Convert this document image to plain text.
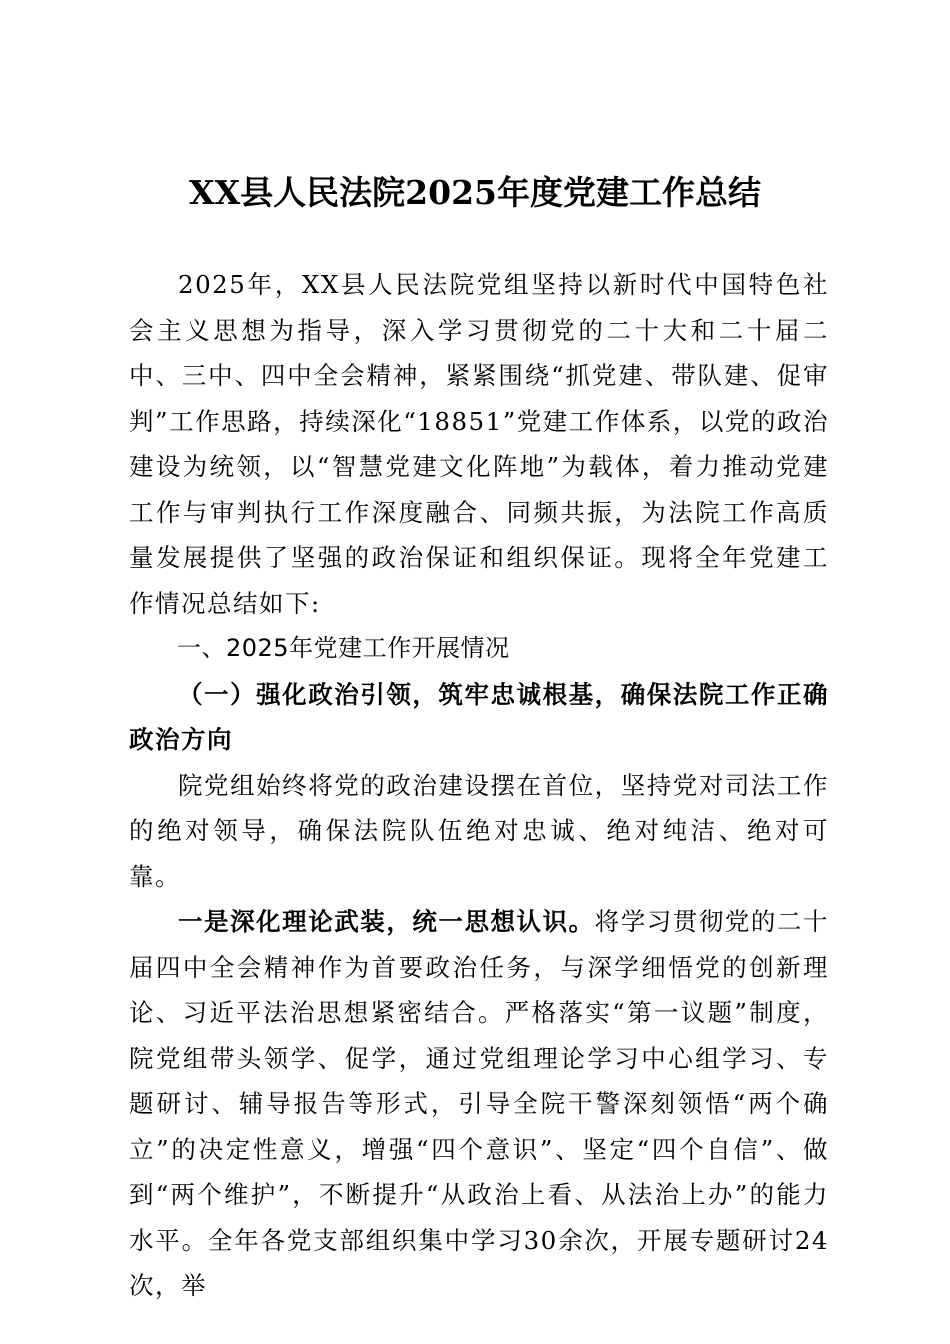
XX县人民法院2025年度党建工作总结

2025年，XX县人民法院党组坚持以新时代中国特色社会主义思想为指导，深入学习贯彻党的二十大和二十届二中、三中、四中全会精神，紧紧围绕“抓党建、带队建、促审判”工作思路，持续深化“18851”党建工作体系，以党的政治建设为统领，以“智慧党建文化阵地”为载体，着力推动党建工作与审判执行工作深度融合、同频共振，为法院工作高质量发展提供了坚强的政治保证和组织保证。现将全年党建工作情况总结如下:

一、2025年党建工作开展情况

（一）强化政治引领，筑牢忠诚根基，确保法院工作正确政治方向

院党组始终将党的政治建设摆在首位，坚持党对司法工作的绝对领导，确保法院队伍绝对忠诚、绝对纯洁、绝对可靠。

一是深化理论武装，统一思想认识。将学习贯彻党的二十届四中全会精神作为首要政治任务，与深学细悟党的创新理论、习近平法治思想紧密结合。严格落实“第一议题”制度，院党组带头领学、促学，通过党组理论学习中心组学习、专题研讨、辅导报告等形式，引导全院干警深刻领悟“两个确立”的决定性意义，增强“四个意识”、坚定“四个自信”、做到“两个维护”，不断提升“从政治上看、从法治上办”的能力水平。全年各党支部组织集中学习30余次，开展专题研讨24次，举
